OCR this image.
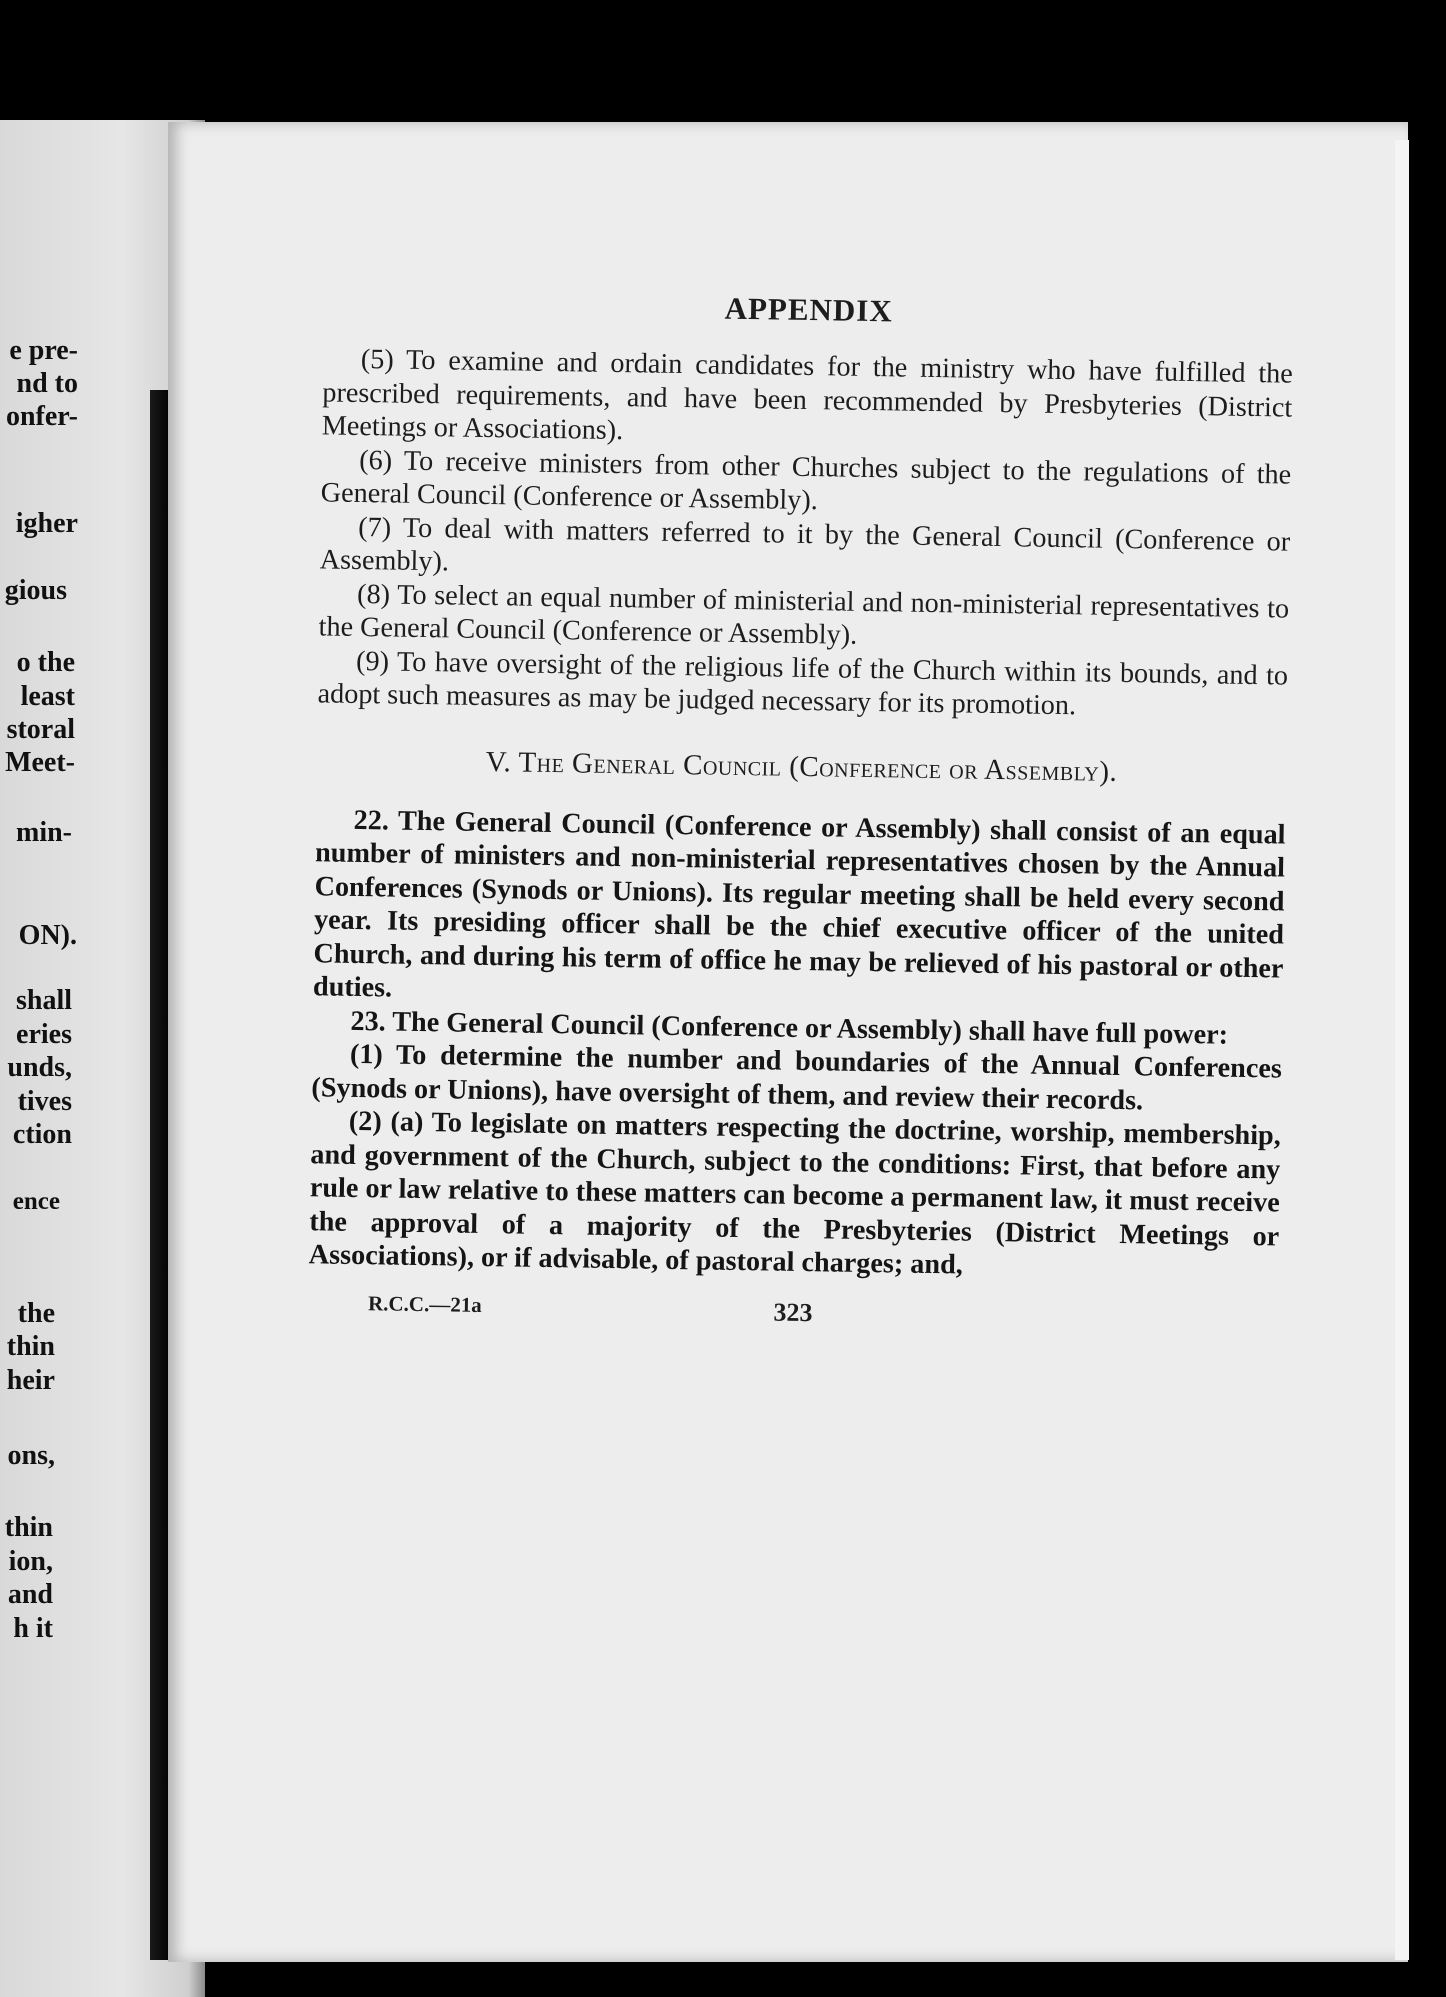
e pre-
nd to
onfer-
igher
gious
o the
least
storal
Meet-
min-
ON).
shall
eries
unds,
tives
ction
ence
the
thin
heir
ons,
thin
ion,
and
h it
APPENDIX

(5) To examine and ordain candidates for the ministry who have fulfilled the prescribed requirements, and have been recommended by Presbyteries (District Meetings or Associations).

(6) To receive ministers from other Churches subject to the regulations of the General Council (Conference or Assembly).

(7) To deal with matters referred to it by the General Council (Conference or Assembly).

(8) To select an equal number of ministerial and non-ministerial representatives to the General Council (Conference or Assembly).

(9) To have oversight of the religious life of the Church within its bounds, and to adopt such measures as may be judged necessary for its promotion.

V. The General Council (Conference or Assembly).

22. The General Council (Conference or Assembly) shall consist of an equal number of ministers and non-ministerial representatives chosen by the Annual Conferences (Synods or Unions). Its regular meeting shall be held every second year. Its presiding officer shall be the chief executive officer of the united Church, and during his term of office he may be relieved of his pastoral or other duties.

23. The General Council (Conference or Assembly) shall have full power:

(1) To determine the number and boundaries of the Annual Conferences (Synods or Unions), have oversight of them, and review their records.

(2) (a) To legislate on matters respecting the doctrine, worship, membership, and government of the Church, subject to the conditions: First, that before any rule or law relative to these matters can become a permanent law, it must receive the approval of a majority of the Presbyteries (District Meetings or Associations), or if advisable, of pastoral charges; and,

R.C.C.—21a	323
